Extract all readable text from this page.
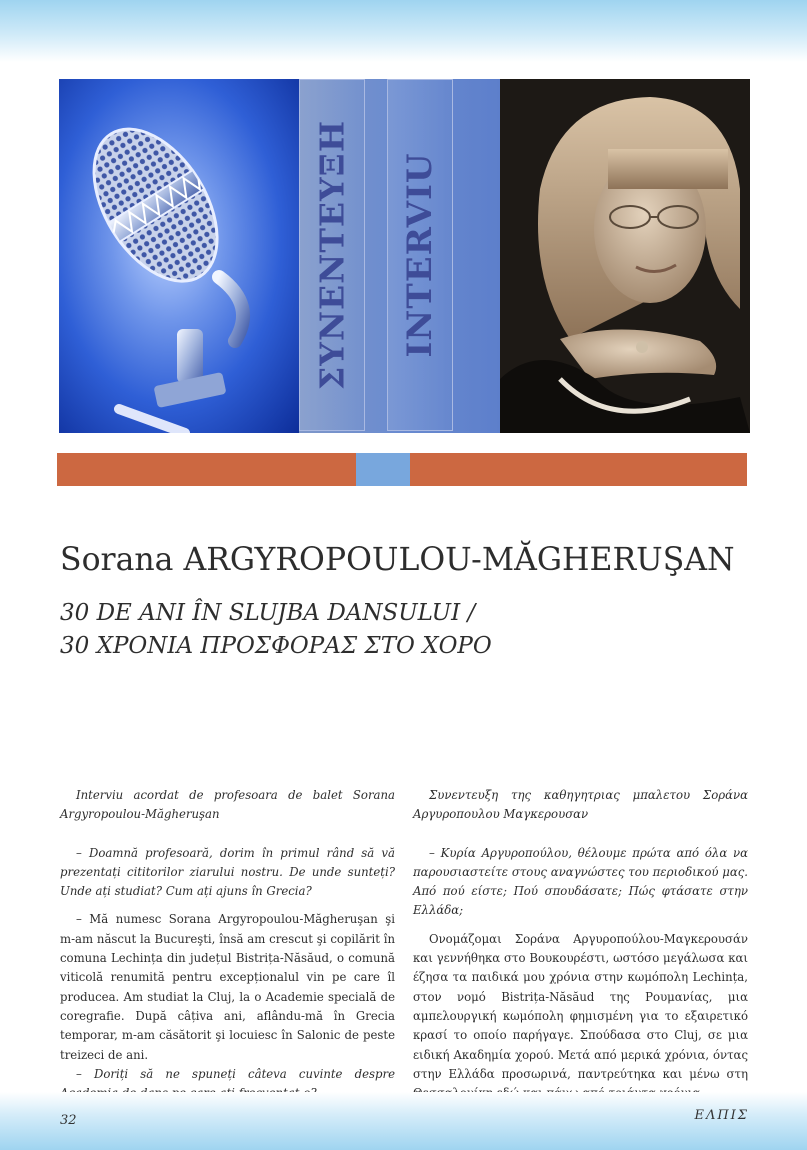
ΣΥΝΕΝΤΕΥΞΗ INTERVIU
Sorana ARGYROPOULOU-MĂGHERUŞAN
30 DE ANI ÎN SLUJBA DANSULUI /
30 ΧΡΟΝΙΑ ΠΡΟΣΦΟΡΑΣ ΣΤΟ ΧΟΡΟ

Interviu acordat de profesoara de balet Sorana Argyropoulou-Măgheruşan

– Doamnă profesoară, dorim în primul rând să vă prezentați cititorilor ziarului nostru. De unde sunteți? Unde ați studiat? Cum ați ajuns în Grecia?

– Mă numesc Sorana Argyropoulou-Măgheruşan şi m-am născut la Bucureşti, însă am crescut şi copilărit în comuna Lechința din județul Bistrița-Năsăud, o comună viticolă renumită pentru excepționalul vin pe care îl producea. Am studiat la Cluj, la o Academie specială de coregrafie. După câțiva ani, aflându-mă în Grecia temporar, m-am căsătorit şi locuiesc în Salonic de peste treizeci de ani.

– Doriți să ne spuneți câteva cuvinte despre

Συνεντευξη της καθηγητριας μπαλετου Σοράνα Αργυροπουλου Μαγκερουσαν

– Κυρία Αργυροπούλου, θέλουμε πρώτα από όλα να παρουσιαστείτε στους αναγνώστες του περιοδικού μας. Από πού είστε; Πού σπουδάσατε; Πώς φτάσατε στην Ελλάδα;

Ονομάζομαι Σοράνα Αργυροπούλου-Μαγκερουσάν και γεννήθηκα στο Βουκουρέστι, ωστόσο μεγάλωσα και έζησα τα παιδικά μου χρόνια στην κωμόπολη Lechința, στον νομό Bistrița-Năsăud της Ρουμανίας, μια αμπελουργική κωμόπολη φημισμένη για το εξαιρετικό κρασί το οποίο παρήγαγε. Σπούδασα στο Cluj, σε μια ειδική Ακαδημία χορού. Μετά από μερικά χρόνια, όντας στην Ελλάδα προσωρινά, παντρεύτηκα και μένω στη

32	ΕΛΠΙΣ
